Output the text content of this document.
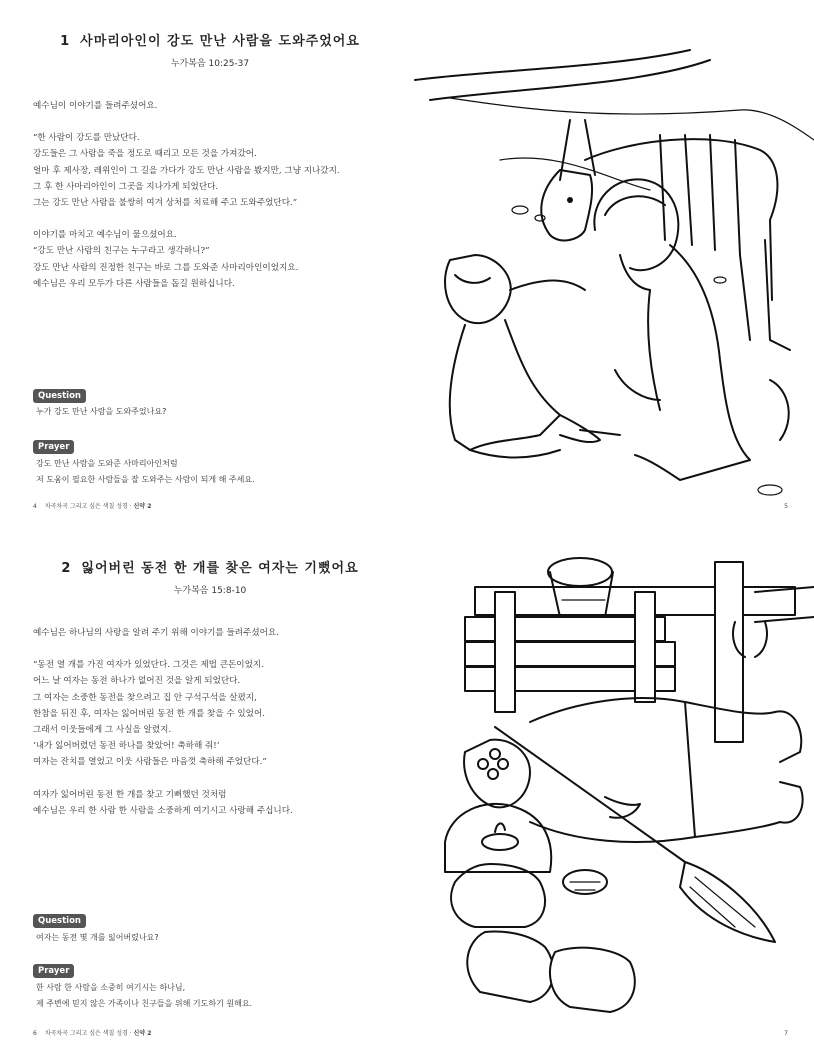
1 사마리아인이 강도 만난 사람을 도와주었어요
누가복음 10:25-37
예수님이 이야기를 들려주셨어요.
“한 사람이 강도를 만났단다.
강도들은 그 사람을 죽을 정도로 때리고 모든 것을 가져갔어.
얼마 후 제사장, 레위인이 그 길을 가다가 강도 만난 사람을 봤지만, 그냥 지나갔지.
그 후 한 사마리아인이 그곳을 지나가게 되었단다.
그는 강도 만난 사람을 불쌍히 여겨 상처를 치료해 주고 도와주었단다.”
이야기를 마치고 예수님이 물으셨어요.
“강도 만난 사람의 친구는 누구라고 생각하니?”
강도 만난 사람의 진정한 친구는 바로 그를 도와준 사마리아인이었지요.
예수님은 우리 모두가 다른 사람들을 돕길 원하십니다.
Question
누가 강도 만난 사람을 도와주었나요?
Prayer
강도 만난 사람을 도와준 사마리아인처럼
저 도움이 필요한 사람들을 잘 도와주는 사람이 되게 해 주세요.
4 차곡차곡 그리고 싶은 색칠 성경 · 신약 2	5
2 잃어버린 동전 한 개를 찾은 여자는 기뻤어요
누가복음 15:8-10
예수님은 하나님의 사랑을 알려 주기 위해 이야기를 들려주셨어요.
“동전 열 개를 가진 여자가 있었단다. 그것은 제법 큰돈이었지.
어느 날 여자는 동전 하나가 없어진 것을 알게 되었단다.
그 여자는 소중한 동전을 찾으려고 집 안 구석구석을 살폈지,
한참을 뒤진 후, 여자는 잃어버린 동전 한 개를 찾을 수 있었어.
그래서 이웃들에게 그 사실을 알렸지.
‘내가 잃어버렸던 동전 하나를 찾았어! 축하해 줘!’
여자는 잔치를 열었고 이웃 사람들은 마음껏 축하해 주었단다.”
여자가 잃어버린 동전 한 개를 찾고 기뻐했던 것처럼
예수님은 우리 한 사람 한 사람을 소중하게 여기시고 사랑해 주십니다.
Question
여자는 동전 몇 개를 잃어버렸나요?
Prayer
한 사람 한 사람을 소중히 여기시는 하나님,
제 주변에 믿지 않은 가족이나 친구들을 위해 기도하기 원해요.
6 차곡차곡 그리고 싶은 색칠 성경 · 신약 2	7
